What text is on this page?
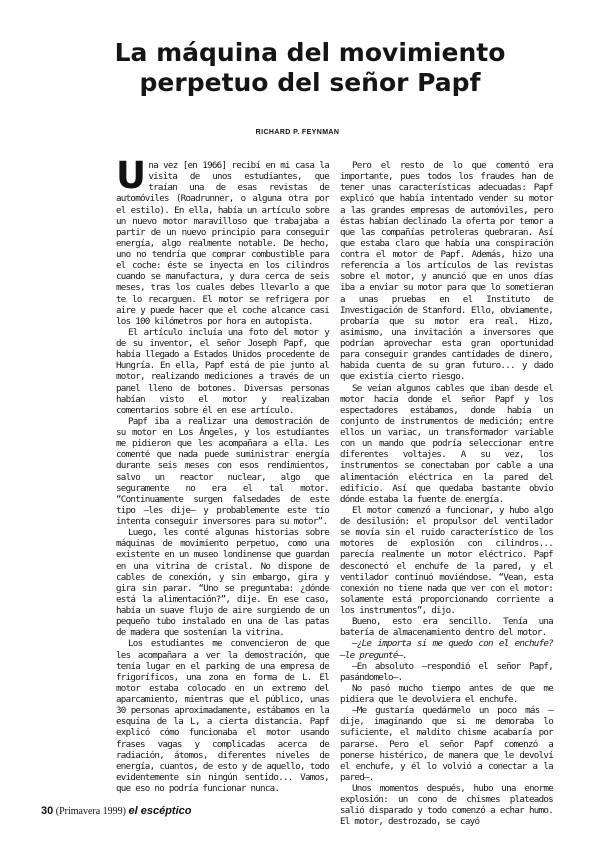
La máquina del movimiento
perpetuo del señor Papf
RICHARD P. FEYNMAN
U na vez [en 1966] recibí en mi casa la visita de unos estudiantes, que traían una de esas revistas de automóviles (Roadrunner, o alguna otra por el estilo). En ella, había un artículo sobre un nuevo motor maravilloso que trabajaba a partir de un nuevo principio para conseguir energía, algo realmente notable. De hecho, uno no tendría que comprar combustible para el coche: éste se inyecta en los cilindros cuando se manufactura, y dura cerca de seis meses, tras los cuales debes llevarlo a que te lo recarguen. El motor se refrigera por aire y puede hacer que el coche alcance casi los 100 kilómetros por hora en autopista.

El artículo incluía una foto del motor y de su inventor, el señor Joseph Papf, que había llegado a Estados Unidos procedente de Hungría. En ella, Papf está de pie junto al motor, realizando mediciones a través de un panel lleno de botones. Diversas personas habían visto el motor y realizaban comentarios sobre él en ese artículo.

Papf iba a realizar una demostración de su motor en Los Ángeles, y los estudiantes me pidieron que les acompañara a ella. Les comenté que nada puede suministrar energía durante seis meses con esos rendimientos, salvo un reactor nuclear, algo que seguramente no era el tal motor. “Continuamente surgen falsedades de este tipo –les dije– y probablemente este tío intenta conseguir inversores para su motor”.

Luego, les conté algunas historias sobre máquinas de movimiento perpetuo, como una existente en un museo londinense que guardan en una vitrina de cristal. No dispone de cables de conexión, y sin embargo, gira y gira sin parar. “Uno se preguntaba: ¿dónde está la alimentación?”, dije. En ese caso, había un suave flujo de aire surgiendo de un pequeño tubo instalado en una de las patas de madera que sostenían la vitrina.

Los estudiantes me convencieron de que les acompañara a ver la demostración, que tenía lugar en el parking de una empresa de frigoríficos, una zona en forma de L. El motor estaba colocado en un extremo del aparcamiento, mientras que el público, unas 30 personas aproximadamente, estábamos en la esquina de la L, a cierta distancia. Papf explicó cómo funcionaba el motor usando frases vagas y complicadas acerca de radiación, átomos, diferentes niveles de energía, cuantos, de esto y de aquello, todo evidentemente sin ningún sentido... Vamos, que eso no podría funcionar nunca.

Pero el resto de lo que comentó era importante, pues todos los fraudes han de tener unas características adecuadas: Papf explicó que había intentado vender su motor a las grandes empresas de automóviles, pero éstas habían declinado la oferta por temor a que las compañías petroleras quebraran. Así que estaba claro que había una conspiración contra el motor de Papf. Además, hizo una referencia a los artículos de las revistas sobre el motor, y anunció que en unos días iba a enviar su motor para que lo sometieran a unas pruebas en el Instituto de Investigación de Stanford. Ello, obviamente, probaría que su motor era real. Hizo, asimismo, una invitación a inversores que podrían aprovechar esta gran oportunidad para conseguir grandes cantidades de dinero, habida cuenta de su gran futuro... y dado que existía cierto riesgo.

Se veían algunos cables que iban desde el motor hacia donde el señor Papf y los espectadores estábamos, donde había un conjunto de instrumentos de medición; entre ellos un variac, un transformador variable con un mando que podría seleccionar entre diferentes voltajes. A su vez, los instrumentos se conectaban por cable a una alimentación eléctrica en la pared del edificio. Así que quedaba bastante obvio dónde estaba la fuente de energía.

El motor comenzó a funcionar, y hubo algo de desilusión: el propulsor del ventilador se movía sin el ruido característico de los motores de explosión con cilindros... parecía realmente un motor eléctrico. Papf desconectó el enchufe de la pared, y el ventilador continuó moviéndose. “Vean, esta conexión no tiene nada que ver con el motor: solamente está proporcionando corriente a los instrumentos”, dijo.

Bueno, esto era sencillo. Tenía una batería de almacenamiento dentro del motor.

–¿Le importa si me quedo con el enchufe? –le pregunté–.

–En absoluto –respondió el señor Papf, pasándomelo–.

No pasó mucho tiempo antes de que me pidiera que le devolviera el enchufe.

–Me gustaría quedármelo un poco más –dije, imaginando que si me demoraba lo suficiente, el maldito chisme acabaría por pararse. Pero el señor Papf comenzó a ponerse histérico, de manera que le devolví el enchufe, y él lo volvió a conectar a la pared–.

Unos momentos después, hubo una enorme explosión: un cono de chismes plateados salió disparado y todo comenzó a echar humo. El motor, destrozado, se cayó

30 (Primavera 1999) el escéptico
